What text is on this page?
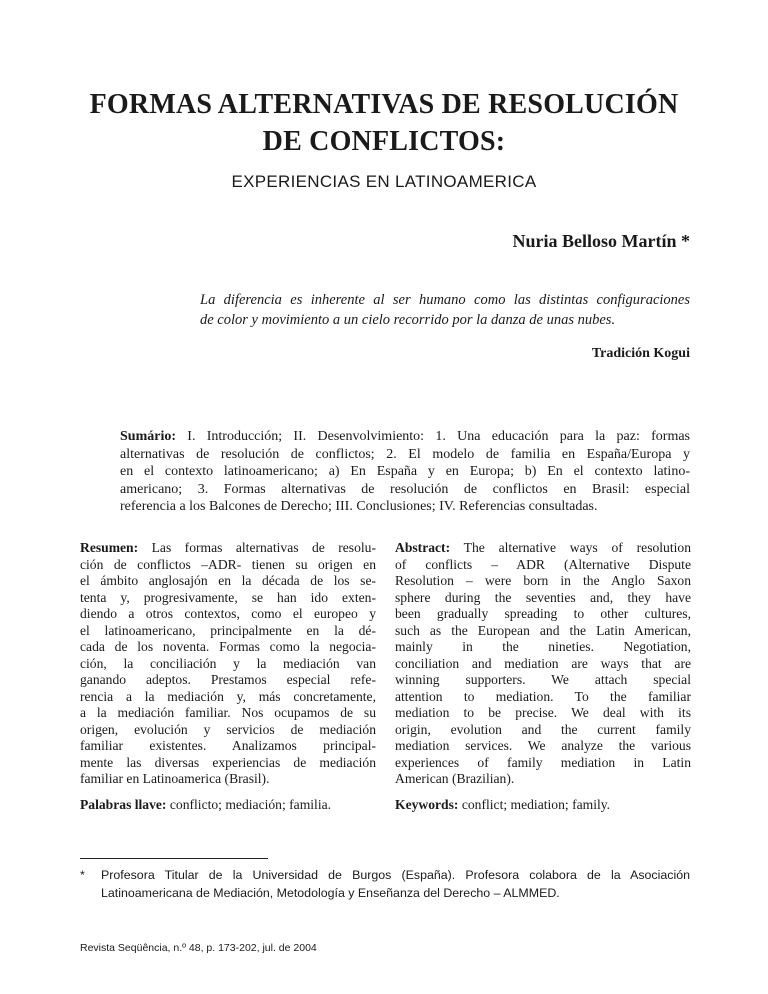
FORMAS ALTERNATIVAS DE RESOLUCIÓN
DE CONFLICTOS:
EXPERIENCIAS EN LATINOAMERICA
Nuria Belloso Martín *
La diferencia es inherente al ser humano como las distintas configuraciones
de color y movimiento a un cielo recorrido por la danza de unas nubes.
Tradición Kogui
Sumário: I. Introducción; II. Desenvolvimiento: 1. Una educación para la paz: formas
alternativas de resolución de conflictos; 2. El modelo de familia en España/Europa y
en el contexto latinoamericano; a) En España y en Europa; b) En el contexto latino-
americano; 3. Formas alternativas de resolución de conflictos en Brasil: especial
referencia a los Balcones de Derecho; III. Conclusiones; IV. Referencias consultadas.
Resumen: Las formas alternativas de resolu-
ción de conflictos –ADR- tienen su origen en
el ámbito anglosajón en la década de los se-
tenta y, progresivamente, se han ido exten-
diendo a otros contextos, como el europeo y
el latinoamericano, principalmente en la dé-
cada de los noventa. Formas como la negocia-
ción, la conciliación y la mediación van
ganando adeptos. Prestamos especial refe-
rencia a la mediación y, más concretamente,
a la mediación familiar. Nos ocupamos de su
origen, evolución y servicios de mediación
familiar existentes. Analizamos principal-
mente las diversas experiencias de mediación
familiar en Latinoamerica (Brasil).
Abstract: The alternative ways of resolution
of conflicts – ADR (Alternative Dispute
Resolution – were born in the Anglo Saxon
sphere during the seventies and, they have
been gradually spreading to other cultures,
such as the European and the Latin American,
mainly in the nineties. Negotiation,
conciliation and mediation are ways that are
winning supporters. We attach special
attention to mediation. To the familiar
mediation to be precise. We deal with its
origin, evolution and the current family
mediation services. We analyze the various
experiences of family mediation in Latin
American (Brazilian).
Palabras llave: conflicto; mediación; familia.	Keywords: conflict; mediation; family.
* Profesora Titular de la Universidad de Burgos (España). Profesora colabora de la Asociación
Latinoamericana de Mediación, Metodología y Enseñanza del Derecho – ALMMED.
Revista Seqüência, n.º 48, p. 173-202, jul. de 2004
